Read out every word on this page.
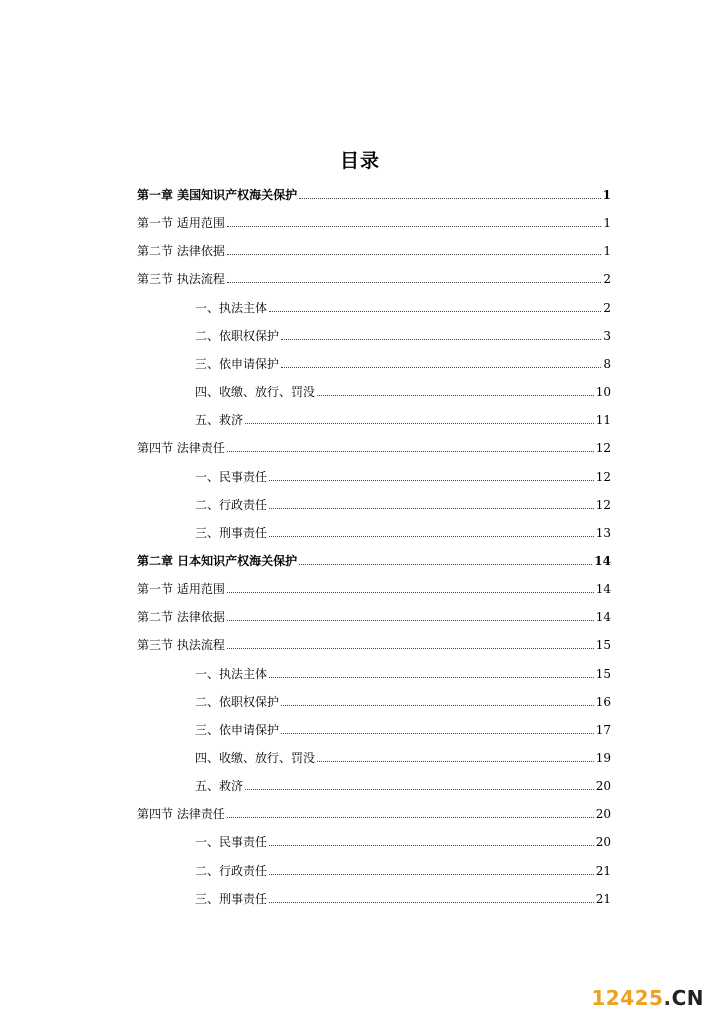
目录
第一章 美国知识产权海关保护	1
第一节 适用范围	1
第二节 法律依据	1
第三节 执法流程	2
一、执法主体	2
二、依职权保护	3
三、依申请保护	8
四、收缴、放行、罚没	10
五、救济	11
第四节 法律责任	12
一、民事责任	12
二、行政责任	12
三、刑事责任	13
第二章 日本知识产权海关保护	14
第一节 适用范围	14
第二节 法律依据	14
第三节 执法流程	15
一、执法主体	15
二、依职权保护	16
三、依申请保护	17
四、收缴、放行、罚没	19
五、救济	20
第四节 法律责任	20
一、民事责任	20
二、行政责任	21
三、刑事责任	21
12425.CN
